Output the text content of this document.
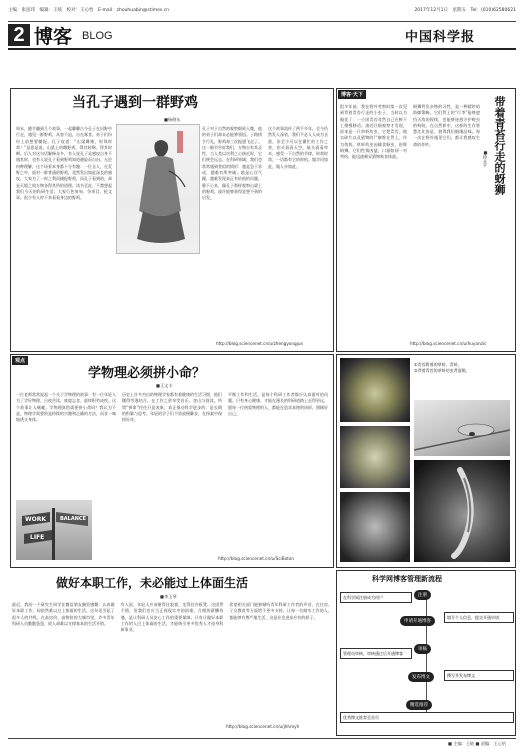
主编：张思玮　编辑：王岐　校对：王心怡　E-mail：zhouhuabin@stimes.cn	2017年12月1日　星期五　Tel：(010)62580621
2 博客 BLOG	中国科学报
当孔子遇到一群野鸡
■杨晓东
周末，随手翻到几个故事，一起聊聊古今孔子在田野中行走，遇见一群野鸡，从容不迫，自在啄食，弟子们纷纷上前想要捕捉。孔子叹道：“山梁雌雉，时哉时哉！”意思是说，山梁上的雌野鸡，得其时啊，得其时啊。后人对这句话解释众多，有人说孔子是感叹自身不遇其时，也有人说孔子看到野鸡知道避险而自由。无论何种理解，这个场景本身都十分有趣：一位圣人，在荒野之中，面对一群普通的野鸡，竟然发出如此深长的感叹。大家为了一时之利而捕捉野鸡，而孔子看到的，却是天地之间万物各得其所的道理。读书至此，不禁想起我们今天的科研生活，大家行色匆匆，争项目、抢文章，很少有人停下来看看身边的野鸡。
孔子对于自然的观察细致入微，他的弟子们却未必能够领悟。子路拱手行礼，野鸡却三次振翅飞走了。这一细节告诉我们，万物自有其灵性，当人类以功利之心接近时，它们便会远去。在科研领域，我们也常常遇到类似的情形：越是急于求成，越难有所突破；越是心浮气躁，越难发现真正有价值的问题。静下心来，像孔子那样观察山梁上的野鸡，或许能够获得意想不到的启发。
这个故事流传了两千多年，至今仍然发人深省。我们不必人人成为圣贤，但至少可以在繁忙的工作之余，抬头看看天空，低头看看草木，感受一下自然的节律。时哉时哉，一切都有它的时机。做学问如此，做人亦如此。
http://blog.sciencenet.cn/u/zhengyongjun
博客·天下
带着青苔行走的蚜狮
■徐亚平
很多年前，我在野外考察时第一次见到背着青苔行走的小虫子，当时以为眼花了：一小团青苔竟然自己在树干上慢慢移动。凑近仔细观察才发现，原来是一只草蛉幼虫，它把青苔、地衣碎片以及猎物的尸骸堆在背上，作为伪装。草蛉幼虫因捕食蚜虫，俗称蚜狮。它们性情凶猛，口器如同一对弯钩，能迅速刺穿猎物吸食体液。
蚜狮背负杂物的习性，是一种精妙的防御策略。它们背上的“行李”能够遮挡天敌的视线，也能够迷惑守护蚜虫的蚂蚁。在自然界中，这样的生存智慧比比皆是，值得我们细细品味。每一次在野外遇见它们，都让我感叹生命的奇妙。
http://blog.sciencenet.cn/u/huyanzic
观点
学物理必须拼小命？
■王文丰
一位老师常常说起一个关于学物理的故事：有一位年轻人为了学好物理，日夜苦读，废寝忘食，最终积劳成疾。这个故事让人唏嘘。学物理真的需要拼小命吗？我认为不是。物理学需要的是持续的兴趣和正确的方法，而非一味地透支身体。
历史上许多杰出的物理学家都有着健康的生活习惯，他们懂得劳逸结合，在工作之余享受音乐、登山与阅读。所谓“拼命”往往只是表象，真正推动科学进步的，是长期的积累与思考。年轻的学子们不妨放慢脚步，在探索中保持好奇。
平衡工作和生活，是每个科研工作者都应认真面对的问题。只有身心健康，才能在漫长的科研道路上走得更远。愿每一位热爱物理的人，都能在追求真理的同时，照顾好自己。
WORK	BALANCE
LIFE
http://blog.sciencenet.cn/u/SciBoton
①青苔附着的草蛉、青蛉。
②背着青苔的草蛉幼虫背面照。
做好本职工作，未必能过上体面生活
■李玉琴
最近，我的一个研究生同学在微信朋友圈里感慨：认真做好本职工作，却依然难以过上体面的生活。这句话引起了很多人的共鸣。在高房价、高物价的大城市里，许多青年科研人员勤勤恳恳，收入却难以支撑基本的生活开销。
有人说，年轻人应该耐得住寂寞，坐得住冷板凳。这固然不错，但我们也应当正视现实中的困难。合理的薪酬待遇，是让科研人员安心工作的重要保障。只有让做好本职工作的人过上体面的生活，才能吸引更多优秀人才投身科研事业。
希望相关部门能够倾听青年科研工作者的声音，在住房、子女教育等方面给予更多支持。让每一位踏实工作的人，都能够有尊严地生活，这是社会进步应有的样子。
http://blog.sciencenet.cn/u/jhhmyh
科学网博客管理新流程
注册
在科学网注册成为用户
申请开通博客
填写个人信息，提交开通申请
审核
管理员审核，审核通过后开通博客
发布博文	撰写并发布博文
精选推荐
优秀博文推荐至首页
■ 主编：王岐 ■ 责编：王心怡
